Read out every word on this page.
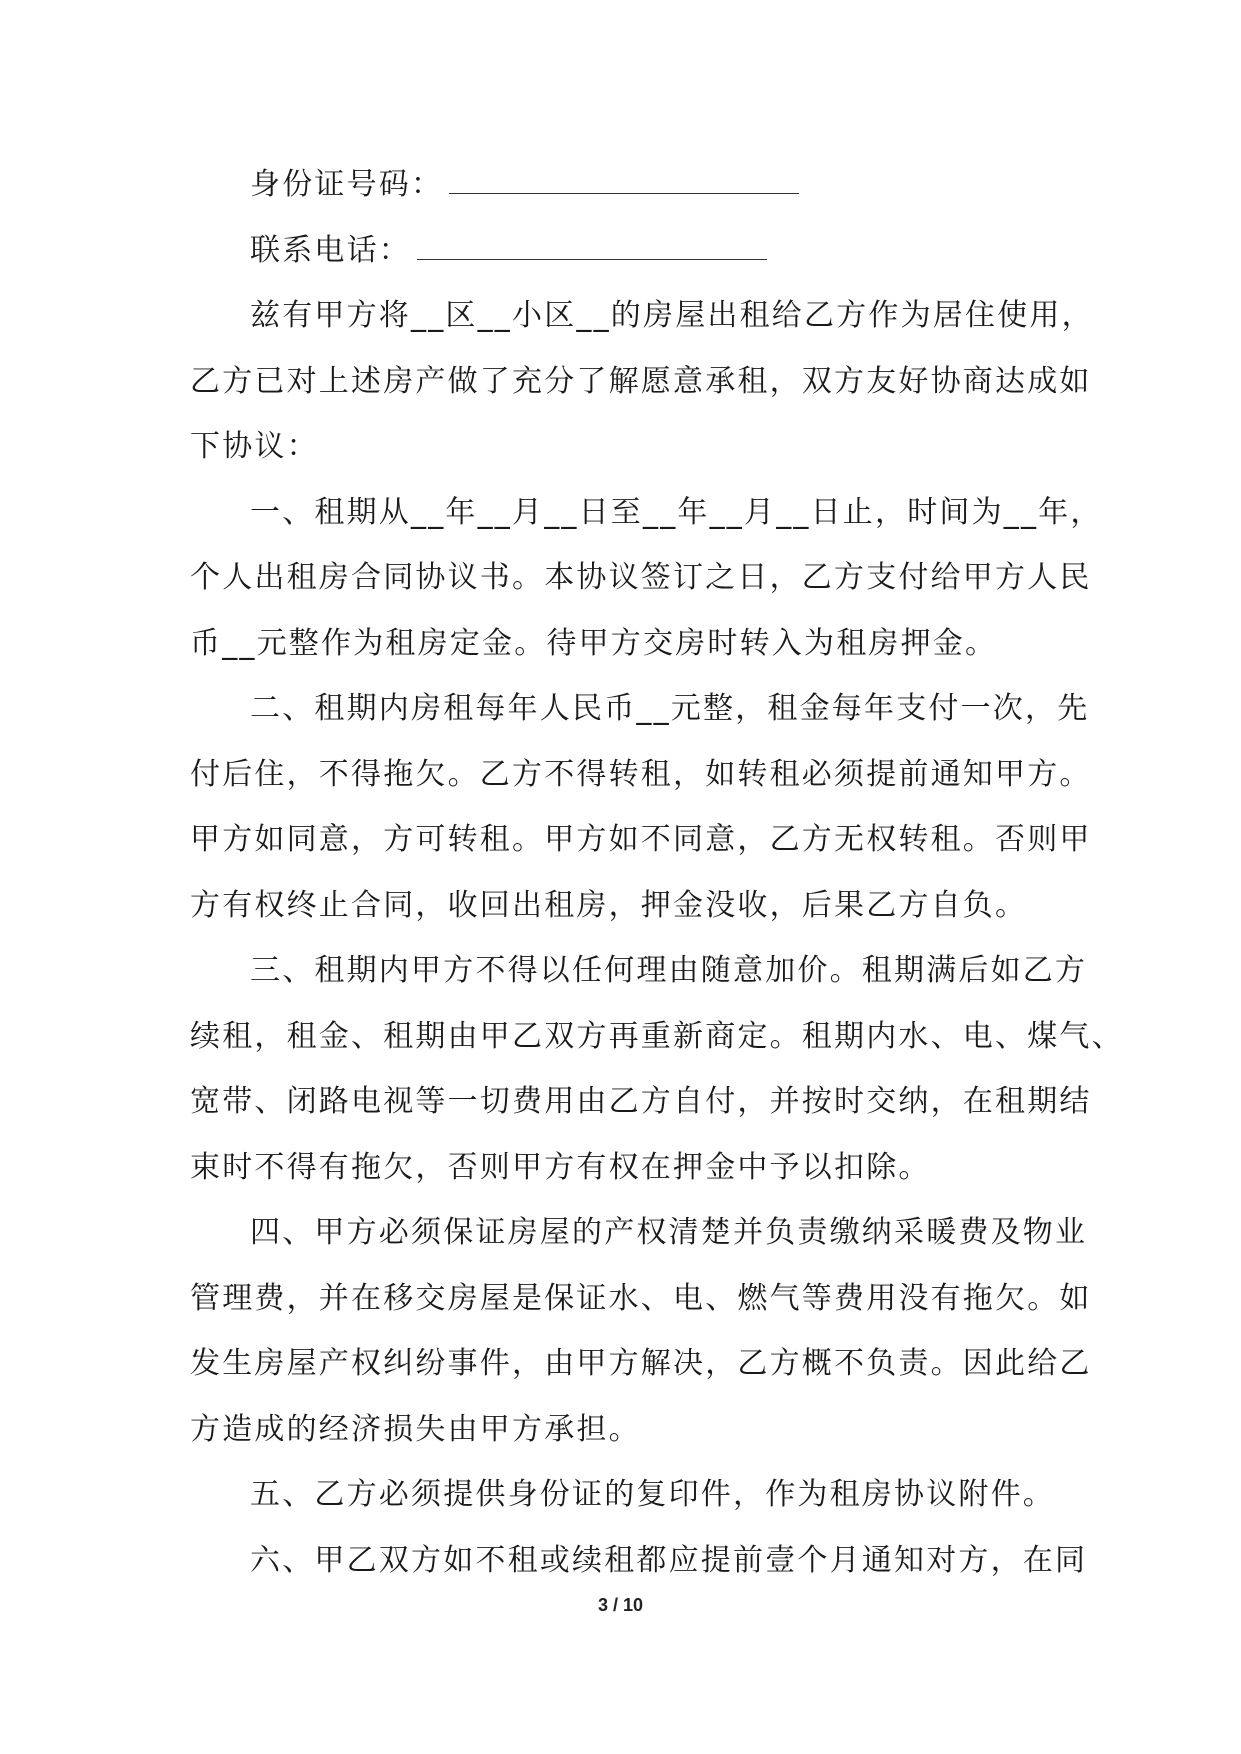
身份证号码：
联系电话：
兹有甲方将__区__小区__的房屋出租给乙方作为居住使用，
乙方已对上述房产做了充分了解愿意承租，双方友好协商达成如
下协议：
一、租期从__年__月__日至__年__月__日止，时间为__年，
个人出租房合同协议书。本协议签订之日，乙方支付给甲方人民
币__元整作为租房定金。待甲方交房时转入为租房押金。
二、租期内房租每年人民币__元整，租金每年支付一次，先
付后住，不得拖欠。乙方不得转租，如转租必须提前通知甲方。
甲方如同意，方可转租。甲方如不同意，乙方无权转租。否则甲
方有权终止合同，收回出租房，押金没收，后果乙方自负。
三、租期内甲方不得以任何理由随意加价。租期满后如乙方
续租，租金、租期由甲乙双方再重新商定。租期内水、电、煤气、
宽带、闭路电视等一切费用由乙方自付，并按时交纳，在租期结
束时不得有拖欠，否则甲方有权在押金中予以扣除。
四、甲方必须保证房屋的产权清楚并负责缴纳采暖费及物业
管理费，并在移交房屋是保证水、电、燃气等费用没有拖欠。如
发生房屋产权纠纷事件，由甲方解决，乙方概不负责。因此给乙
方造成的经济损失由甲方承担。
五、乙方必须提供身份证的复印件，作为租房协议附件。
六、甲乙双方如不租或续租都应提前壹个月通知对方，在同
3 / 10
